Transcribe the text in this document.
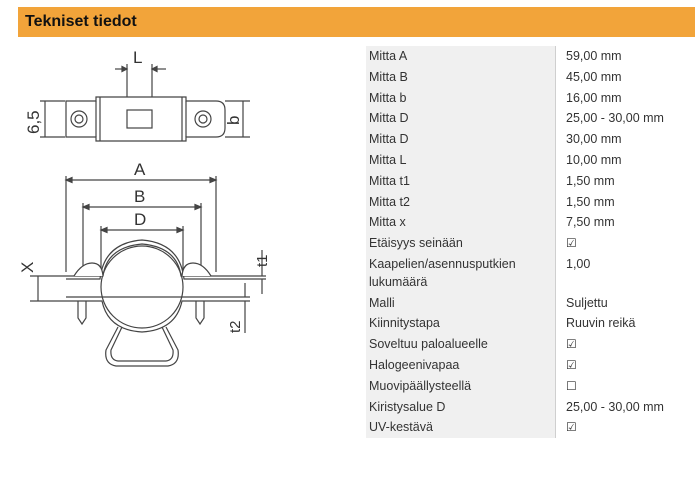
Tekniset tiedot
L
6,5	b
A
B
D
X
t1
t2
Mitta A	59,00 mm
Mitta B	45,00 mm
Mitta b	16,00 mm
Mitta D	25,00 - 30,00 mm
Mitta D	30,00 mm
Mitta L	10,00 mm
Mitta t1	1,50 mm
Mitta t2	1,50 mm
Mitta x	7,50 mm
Etäisyys seinään	☑
Kaapelien/asennusputkien lukumäärä	1,00
Malli	Suljettu
Kiinnitystapa	Ruuvin reikä
Soveltuu paloalueelle	☑
Halogeenivapaa	☑
Muovipäällysteellä	☐
Kiristysalue D	25,00 - 30,00 mm
UV-kestävä	☑
